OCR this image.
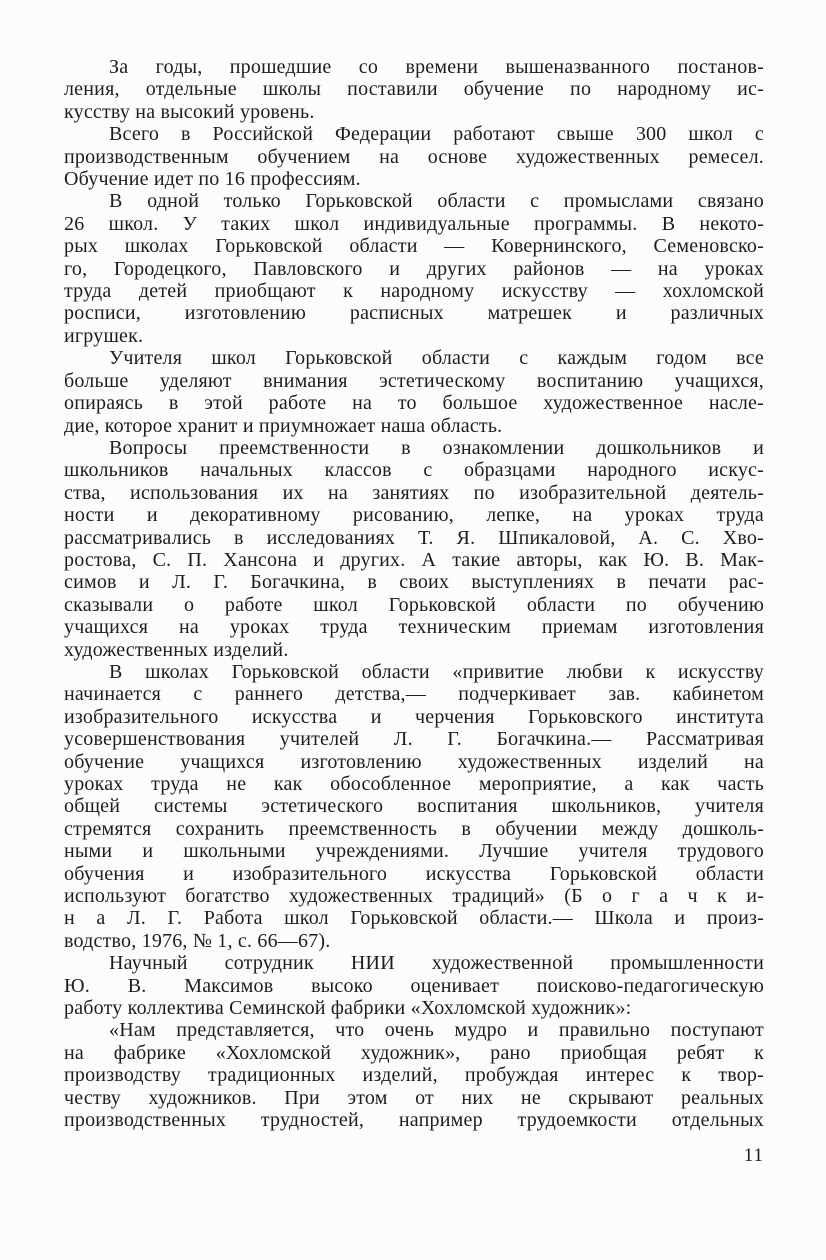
За годы, прошедшие со времени вышеназванного постанов-
ления, отдельные школы поставили обучение по народному ис-
кусству на высокий уровень.
Всего в Российской Федерации работают свыше 300 школ с
производственным обучением на основе художественных ремесел.
Обучение идет по 16 профессиям.
В одной только Горьковской области с промыслами связано
26 школ. У таких школ индивидуальные программы. В некото-
рых школах Горьковской области — Ковернинского, Семеновско-
го, Городецкого, Павловского и других районов — на уроках
труда детей приобщают к народному искусству — хохломской
росписи, изготовлению расписных матрешек и различных
игрушек.
Учителя школ Горьковской области с каждым годом все
больше уделяют внимания эстетическому воспитанию учащихся,
опираясь в этой работе на то большое художественное насле-
дие, которое хранит и приумножает наша область.
Вопросы преемственности в ознакомлении дошкольников и
школьников начальных классов с образцами народного искус-
ства, использования их на занятиях по изобразительной деятель-
ности и декоративному рисованию, лепке, на уроках труда
рассматривались в исследованиях Т. Я. Шпикаловой, А. С. Хво-
ростова, С. П. Хансона и других. А такие авторы, как Ю. В. Мак-
симов и Л. Г. Богачкина, в своих выступлениях в печати рас-
сказывали о работе школ Горьковской области по обучению
учащихся на уроках труда техническим приемам изготовления
художественных изделий.
В школах Горьковской области «привитие любви к искусству
начинается с раннего детства,— подчеркивает зав. кабинетом
изобразительного искусства и черчения Горьковского института
усовершенствования учителей Л. Г. Богачкина.— Рассматривая
обучение учащихся изготовлению художественных изделий на
уроках труда не как обособленное мероприятие, а как часть
общей системы эстетического воспитания школьников, учителя
стремятся сохранить преемственность в обучении между дошколь-
ными и школьными учреждениями. Лучшие учителя трудового
обучения и изобразительного искусства Горьковской области
используют богатство художественных традиций» (Б о г а ч к и-
н а Л. Г. Работа школ Горьковской области.— Школа и произ-
водство, 1976, № 1, с. 66—67).
Научный сотрудник НИИ художественной промышленности
Ю. В. Максимов высоко оценивает поисково-педагогическую
работу коллектива Семинской фабрики «Хохломской художник»:
«Нам представляется, что очень мудро и правильно поступают
на фабрике «Хохломской художник», рано приобщая ребят к
производству традиционных изделий, пробуждая интерес к твор-
честву художников. При этом от них не скрывают реальных
производственных трудностей, например трудоемкости отдельных
11
